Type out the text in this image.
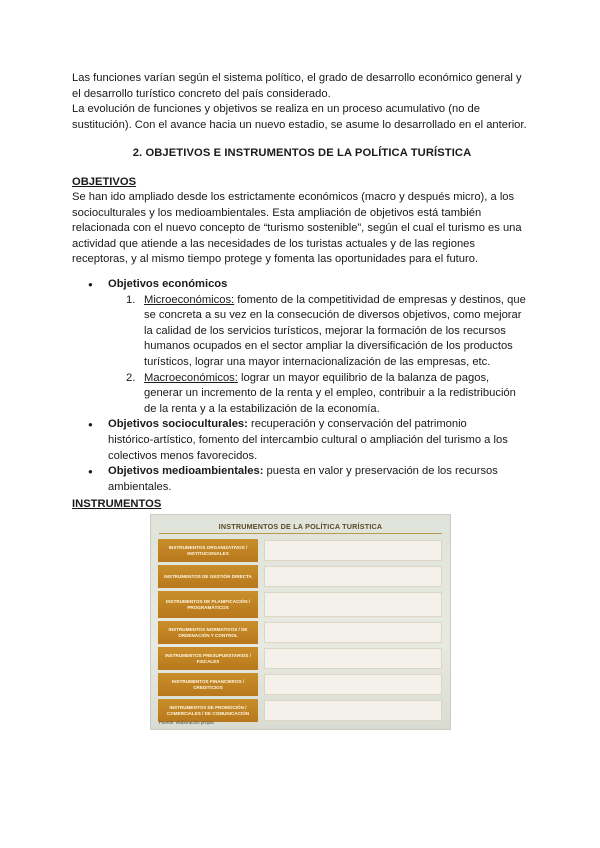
Las funciones varían según el sistema político, el grado de desarrollo económico general y

el desarrollo turístico concreto del país considerado.

La evolución de funciones y objetivos se realiza en un proceso acumulativo (no de

sustitución). Con el avance hacia un nuevo estadio, se asume lo desarrollado en el anterior.

2. OBJETIVOS E INSTRUMENTOS DE LA POLÍTICA TURÍSTICA
OBJETIVOS

Se han ido ampliado desde los estrictamente económicos (macro y después micro), a los

socioculturales y los medioambientales. Esta ampliación de objetivos está también

relacionada con el nuevo concepto de “turismo sostenible”, según el cual el turismo es una

actividad que atiende a las necesidades de los turistas actuales y de las regiones

receptoras, y al mismo tiempo protege y fomenta las oportunidades para el futuro.

● Objetivos económicos
1. Microeconómicos: fomento de la competitividad de empresas y destinos, que

se concreta a su vez en la consecución de diversos objetivos, como mejorar

la calidad de los servicios turísticos, mejorar la formación de los recursos

humanos ocupados en el sector ampliar la diversificación de los productos

turísticos, lograr una mayor internacionalización de las empresas, etc.

2. Macroeconómicos: lograr un mayor equilibrio de la balanza de pagos,

generar un incremento de la renta y el empleo, contribuir a la redistribución

de la renta y a la estabilización de la economía.

● Objetivos socioculturales: recuperación y conservación del patrimonio

histórico-artístico, fomento del intercambio cultural o ampliación del turismo a los

colectivos menos favorecidos.

● Objetivos medioambientales: puesta en valor y preservación de los recursos

ambientales.

INSTRUMENTOS
INSTRUMENTOS DE LA POLÍTICA TURÍSTICA
INSTRUMENTOS ORGANIZATIVOS / INSTITUCIONALES
INSTRUMENTOS DE GESTIÓN DIRECTA
INSTRUMENTOS DE PLANIFICACIÓN / PROGRAMÁTICOS
INSTRUMENTOS NORMATIVOS / DE ORDENACIÓN Y CONTROL
INSTRUMENTOS PRESUPUESTARIOS / FISCALES
INSTRUMENTOS FINANCIEROS / CREDITICIOS
INSTRUMENTOS DE PROMOCIÓN / COMERCIALES / DE COMUNICACIÓN
Fuente: elaboración propia
